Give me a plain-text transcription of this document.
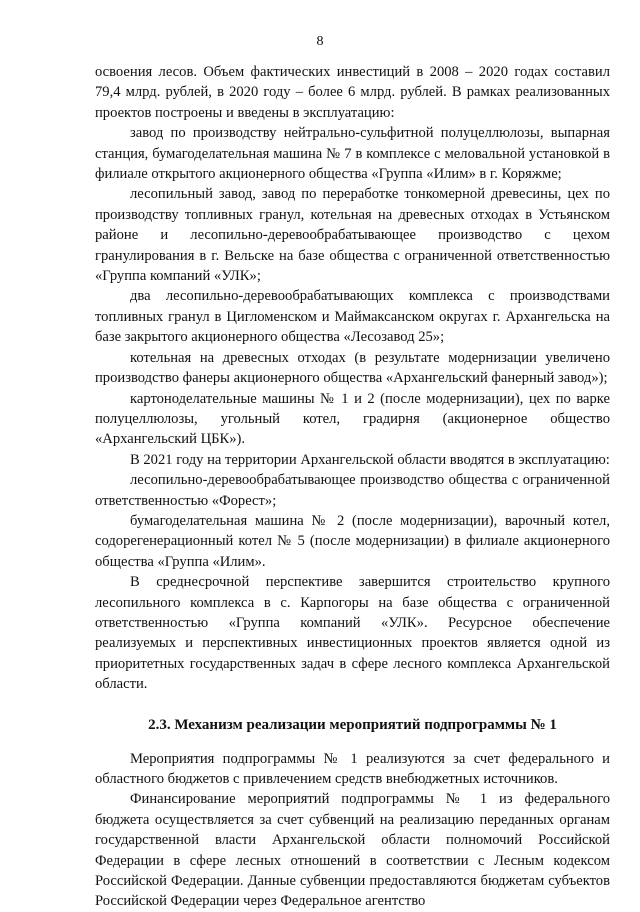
8

освоения лесов. Объем фактических инвестиций в 2008 – 2020 годах составил 79,4 млрд. рублей, в 2020 году – более 6 млрд. рублей. В рамках реализованных проектов построены и введены в эксплуатацию:

завод по производству нейтрально-сульфитной полуцеллюлозы, выпарная станция, бумагоделательная машина № 7 в комплексе с меловальной установкой в филиале открытого акционерного общества «Группа «Илим» в г. Коряжме;

лесопильный завод, завод по переработке тонкомерной древесины, цех по производству топливных гранул, котельная на древесных отходах в Устьянском районе и лесопильно-деревообрабатывающее производство с цехом гранулирования в г. Вельске на базе общества с ограниченной ответственностью «Группа компаний «УЛК»;

два лесопильно-деревообрабатывающих комплекса с производствами топливных гранул в Цигломенском и Маймаксанском округах г. Архангельска на базе закрытого акционерного общества «Лесозавод 25»;

котельная на древесных отходах (в результате модернизации увеличено производство фанеры акционерного общества «Архангельский фанерный завод»);

картоноделательные машины № 1 и 2 (после модернизации), цех по варке полуцеллюлозы, угольный котел, градирня (акционерное общество «Архангельский ЦБК»).

В 2021 году на территории Архангельской области вводятся в эксплуатацию:

лесопильно-деревообрабатывающее производство общества с ограниченной ответственностью «Форест»;

бумагоделательная машина № 2 (после модернизации), варочный котел, содорегенерационный котел № 5 (после модернизации) в филиале акционерного общества «Группа «Илим».

В среднесрочной перспективе завершится строительство крупного лесопильного комплекса в с. Карпогоры на базе общества с ограниченной ответственностью «Группа компаний «УЛК». Ресурсное обеспечение реализуемых и перспективных инвестиционных проектов является одной из приоритетных государственных задач в сфере лесного комплекса Архангельской области.

2.3. Механизм реализации мероприятий подпрограммы № 1

Мероприятия подпрограммы № 1 реализуются за счет федерального и областного бюджетов с привлечением средств внебюджетных источников.

Финансирование мероприятий подпрограммы № 1 из федерального бюджета осуществляется за счет субвенций на реализацию переданных органам государственной власти Архангельской области полномочий Российской Федерации в сфере лесных отношений в соответствии с Лесным кодексом Российской Федерации. Данные субвенции предоставляются бюджетам субъектов Российской Федерации через Федеральное агентство
